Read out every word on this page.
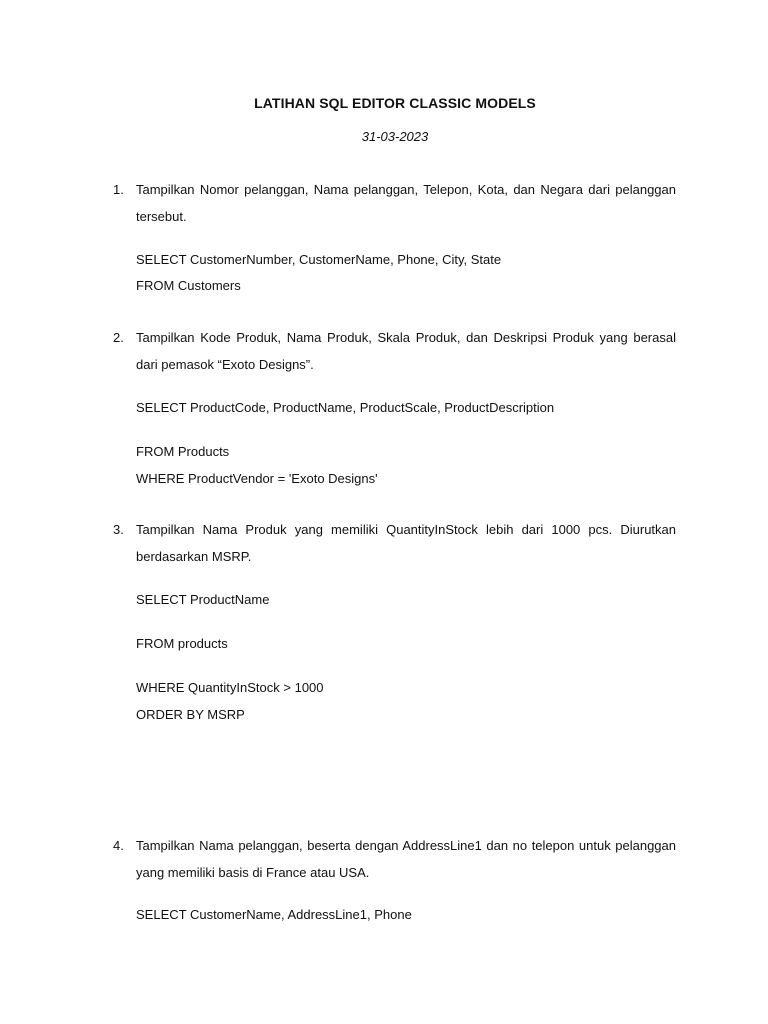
LATIHAN SQL EDITOR CLASSIC MODELS
31-03-2023
1. Tampilkan Nomor pelanggan, Nama pelanggan, Telepon, Kota, dan Negara dari pelanggan tersebut.
SELECT CustomerNumber, CustomerName, Phone, City, State
FROM Customers
2. Tampilkan Kode Produk, Nama Produk, Skala Produk, dan Deskripsi Produk yang berasal dari pemasok “Exoto Designs”.
SELECT ProductCode, ProductName, ProductScale, ProductDescription
FROM Products
WHERE ProductVendor = 'Exoto Designs'
3. Tampilkan Nama Produk yang memiliki QuantityInStock lebih dari 1000 pcs. Diurutkan berdasarkan MSRP.
SELECT ProductName
FROM products
WHERE QuantityInStock > 1000
ORDER BY MSRP
4. Tampilkan Nama pelanggan, beserta dengan AddressLine1 dan no telepon untuk pelanggan yang memiliki basis di France atau USA.
SELECT CustomerName, AddressLine1, Phone
